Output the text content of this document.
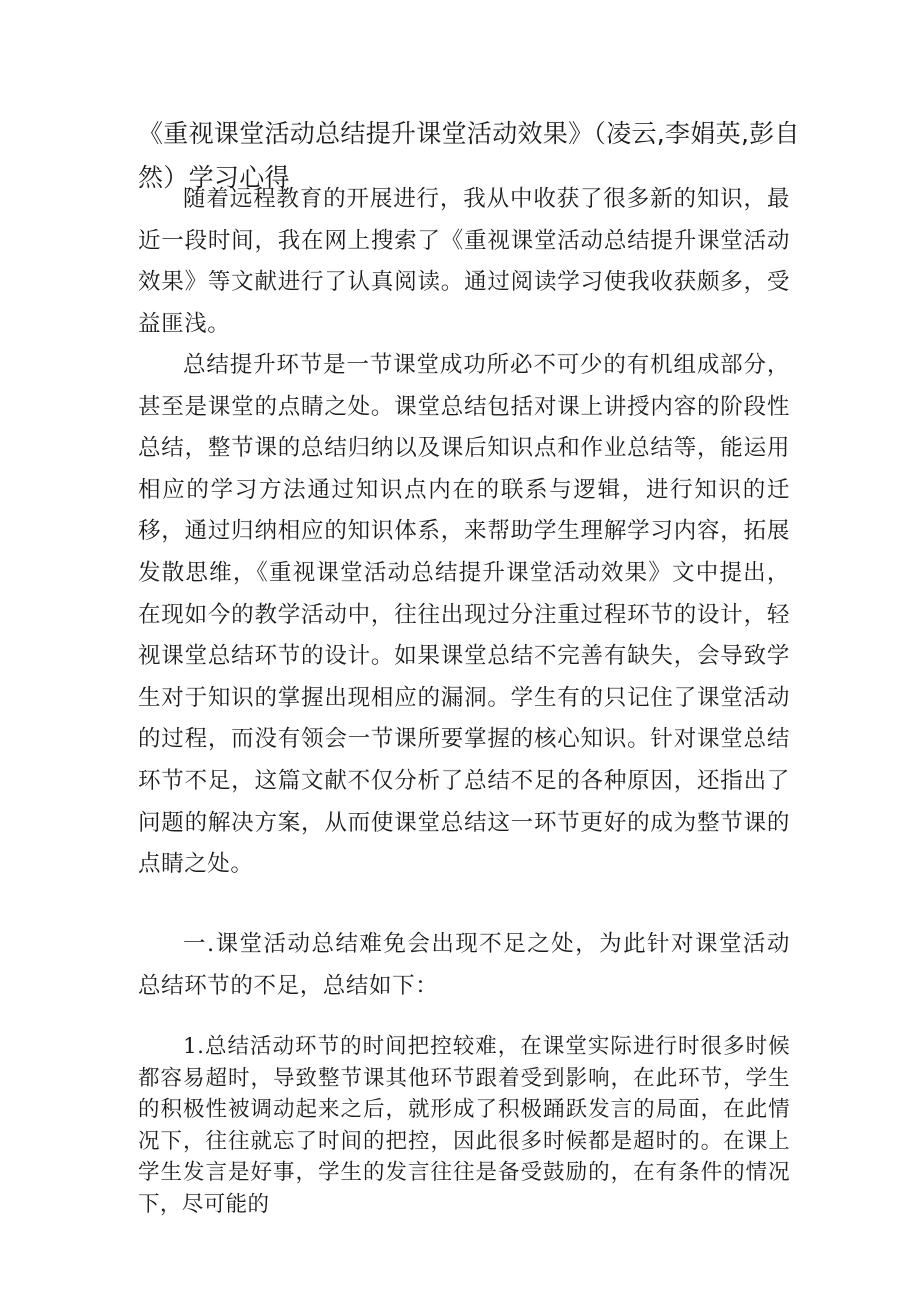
《重视课堂活动总结提升课堂活动效果》（凌云,李娟英,彭自然）学习心得

随着远程教育的开展进行，我从中收获了很多新的知识，最近一段时间，我在网上搜索了《重视课堂活动总结提升课堂活动效果》等文献进行了认真阅读。通过阅读学习使我收获颇多，受益匪浅。

总结提升环节是一节课堂成功所必不可少的有机组成部分，甚至是课堂的点睛之处。课堂总结包括对课上讲授内容的阶段性总结，整节课的总结归纳以及课后知识点和作业总结等，能运用相应的学习方法通过知识点内在的联系与逻辑，进行知识的迁移，通过归纳相应的知识体系，来帮助学生理解学习内容，拓展发散思维，《重视课堂活动总结提升课堂活动效果》文中提出，在现如今的教学活动中，往往出现过分注重过程环节的设计，轻视课堂总结环节的设计。如果课堂总结不完善有缺失，会导致学生对于知识的掌握出现相应的漏洞。学生有的只记住了课堂活动的过程，而没有领会一节课所要掌握的核心知识。针对课堂总结环节不足，这篇文献不仅分析了总结不足的各种原因，还指出了问题的解决方案，从而使课堂总结这一环节更好的成为整节课的点睛之处。

一.课堂活动总结难免会出现不足之处，为此针对课堂活动总结环节的不足，总结如下：

1.总结活动环节的时间把控较难，在课堂实际进行时很多时候都容易超时，导致整节课其他环节跟着受到影响，在此环节，学生的积极性被调动起来之后，就形成了积极踊跃发言的局面，在此情况下，往往就忘了时间的把控，因此很多时候都是超时的。在课上学生发言是好事，学生的发言往往是备受鼓励的，在有条件的情况下，尽可能的
